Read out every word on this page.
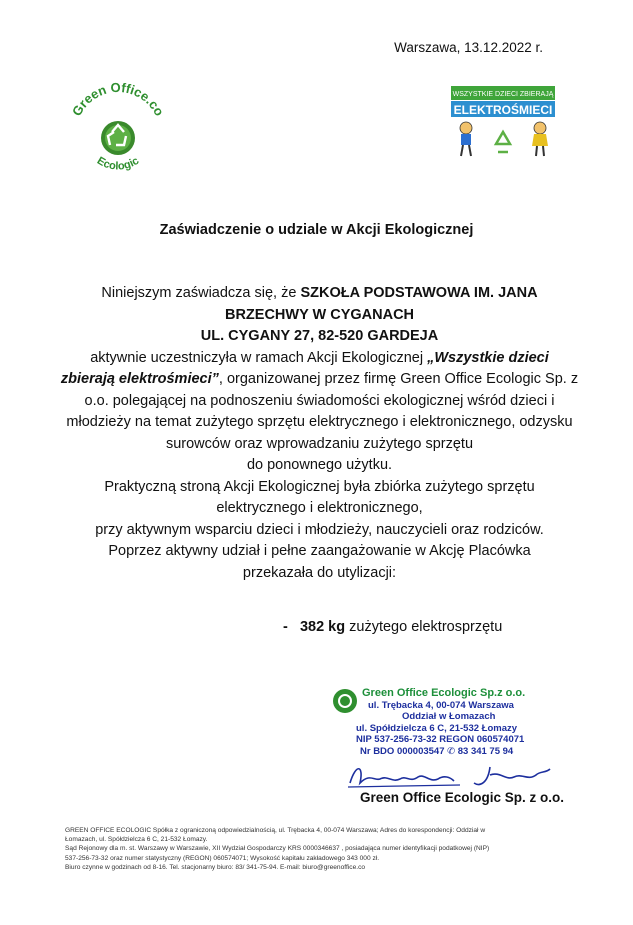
Warszawa, 13.12.2022 r.
Green Office.co
Ecologic
WSZYSTKIE DZIECI ZBIERAJĄ
ELEKTROŚMIECI
Zaświadczenie o udziale w Akcji Ekologicznej
Niniejszym zaświadcza się, że SZKOŁA PODSTAWOWA IM. JANA
BRZECHWY W CYGANACH
UL. CYGANY 27, 82-520 GARDEJA
aktywnie uczestniczyła w ramach Akcji Ekologicznej „Wszystkie dzieci
zbierają elektrośmieci”, organizowanej przez firmę Green Office Ecologic Sp. z
o.o. polegającej na podnoszeniu świadomości ekologicznej wśród dzieci i
młodzieży na temat zużytego sprzętu elektrycznego i elektronicznego, odzysku
surowców oraz wprowadzaniu zużytego sprzętu
do ponownego użytku.
Praktyczną stroną Akcji Ekologicznej była zbiórka zużytego sprzętu
elektrycznego i elektronicznego,
przy aktywnym wsparciu dzieci i młodzieży, nauczycieli oraz rodziców.
Poprzez aktywny udział i pełne zaangażowanie w Akcję Placówka
przekazała do utylizacji:
- 382 kg zużytego elektrosprzętu
Green Office Ecologic Sp.z o.o.
ul. Trębacka 4, 00-074 Warszawa
Oddział w Łomazach
ul. Spółdzielcza 6 C, 21-532 Łomazy
NIP 537-256-73-32 REGON 060574071
Nr BDO 000003547 ✆ 83 341 75 94
Green Office Ecologic Sp. z o.o.
GREEN OFFICE ECOLOGIC Spółka z ograniczoną odpowiedzialnością, ul. Trębacka 4, 00-074 Warszawa; Adres do korespondencji: Oddział w
Łomazach, ul. Spółdzielcza 6 C, 21-532 Łomazy.
Sąd Rejonowy dla m. st. Warszawy w Warszawie, XII Wydział Gospodarczy KRS 0000346637 , posiadająca numer identyfikacji podatkowej (NIP)
537-256-73-32 oraz numer statystyczny (REGON) 060574071; Wysokość kapitału zakładowego 343 000 zł.
Biuro czynne w godzinach od 8-16. Tel. stacjonarny biuro: 83/ 341-75-94. E-mail: biuro@greenoffice.co
